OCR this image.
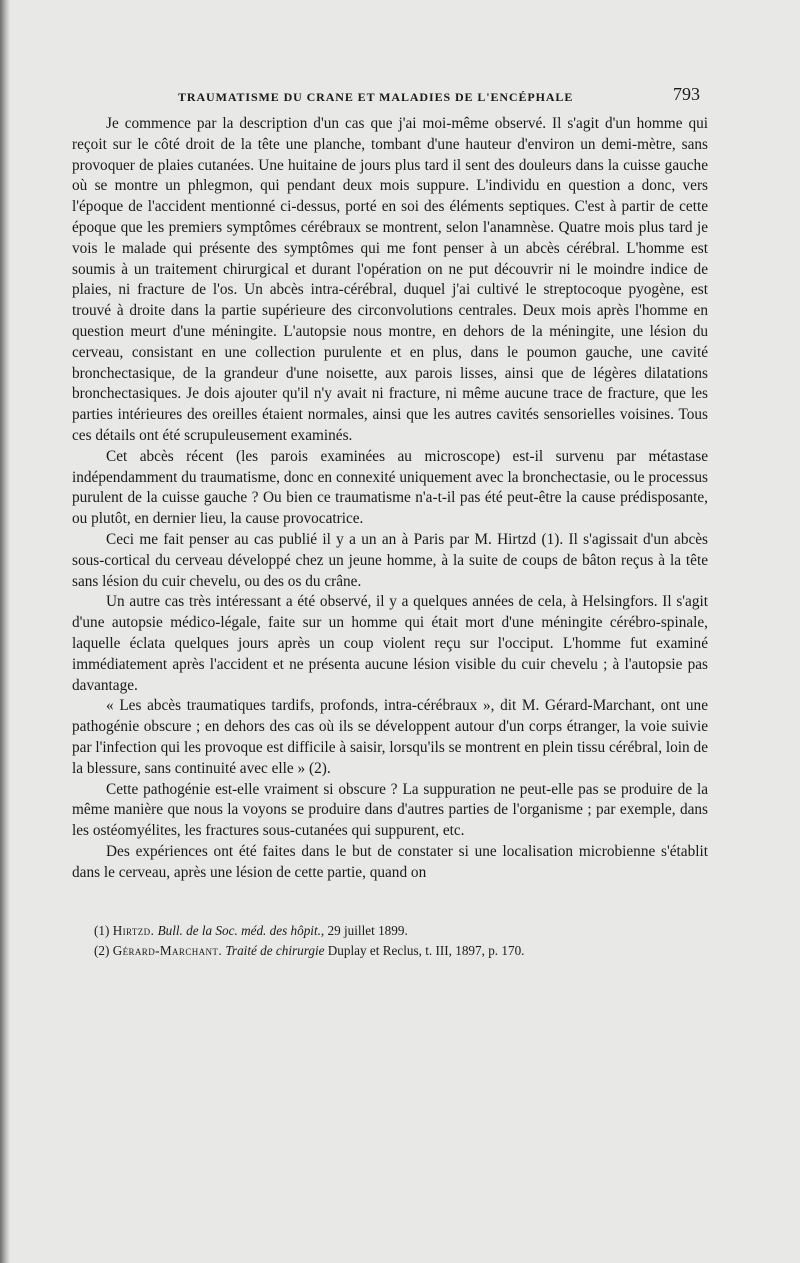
TRAUMATISME DU CRANE ET MALADIES DE L'ENCÉPHALE	793

Je commence par la description d'un cas que j'ai moi-même observé. Il s'agit d'un homme qui reçoit sur le côté droit de la tête une planche, tombant d'une hauteur d'environ un demi-mètre, sans provoquer de plaies cutanées. Une huitaine de jours plus tard il sent des douleurs dans la cuisse gauche où se montre un phlegmon, qui pendant deux mois suppure. L'individu en question a donc, vers l'époque de l'accident mentionné ci-dessus, porté en soi des éléments septiques. C'est à partir de cette époque que les premiers symptômes cérébraux se montrent, selon l'anamnèse. Quatre mois plus tard je vois le malade qui présente des symptômes qui me font penser à un abcès cérébral. L'homme est soumis à un traitement chirurgical et durant l'opération on ne put découvrir ni le moindre indice de plaies, ni fracture de l'os. Un abcès intra-cérébral, duquel j'ai cultivé le streptocoque pyogène, est trouvé à droite dans la partie supérieure des circonvolutions centrales. Deux mois après l'homme en question meurt d'une méningite. L'autopsie nous montre, en dehors de la méningite, une lésion du cerveau, consistant en une collection purulente et en plus, dans le poumon gauche, une cavité bronchectasique, de la grandeur d'une noisette, aux parois lisses, ainsi que de légères dilatations bronchectasiques. Je dois ajouter qu'il n'y avait ni fracture, ni même aucune trace de fracture, que les parties intérieures des oreilles étaient normales, ainsi que les autres cavités sensorielles voisines. Tous ces détails ont été scrupuleusement examinés.

Cet abcès récent (les parois examinées au microscope) est-il survenu par métastase indépendamment du traumatisme, donc en connexité uniquement avec la bronchectasie, ou le processus purulent de la cuisse gauche ? Ou bien ce traumatisme n'a-t-il pas été peut-être la cause prédisposante, ou plutôt, en dernier lieu, la cause provocatrice.

Ceci me fait penser au cas publié il y a un an à Paris par M. Hirtzd (1). Il s'agissait d'un abcès sous-cortical du cerveau développé chez un jeune homme, à la suite de coups de bâton reçus à la tête sans lésion du cuir chevelu, ou des os du crâne.

Un autre cas très intéressant a été observé, il y a quelques années de cela, à Helsingfors. Il s'agit d'une autopsie médico-légale, faite sur un homme qui était mort d'une méningite cérébro-spinale, laquelle éclata quelques jours après un coup violent reçu sur l'occiput. L'homme fut examiné immédiatement après l'accident et ne présenta aucune lésion visible du cuir chevelu ; à l'autopsie pas davantage.

« Les abcès traumatiques tardifs, profonds, intra-cérébraux », dit M. Gérard-Marchant, ont une pathogénie obscure ; en dehors des cas où ils se développent autour d'un corps étranger, la voie suivie par l'infection qui les provoque est difficile à saisir, lorsqu'ils se montrent en plein tissu cérébral, loin de la blessure, sans continuité avec elle » (2).

Cette pathogénie est-elle vraiment si obscure ? La suppuration ne peut-elle pas se produire de la même manière que nous la voyons se produire dans d'autres parties de l'organisme ; par exemple, dans les ostéomyélites, les fractures sous-cutanées qui suppurent, etc.

Des expériences ont été faites dans le but de constater si une localisation microbienne s'établit dans le cerveau, après une lésion de cette partie, quand on

(1) Hirtzd. Bull. de la Soc. méd. des hôpit., 29 juillet 1899.

(2) Gérard-Marchant. Traité de chirurgie Duplay et Reclus, t. III, 1897, p. 170.
